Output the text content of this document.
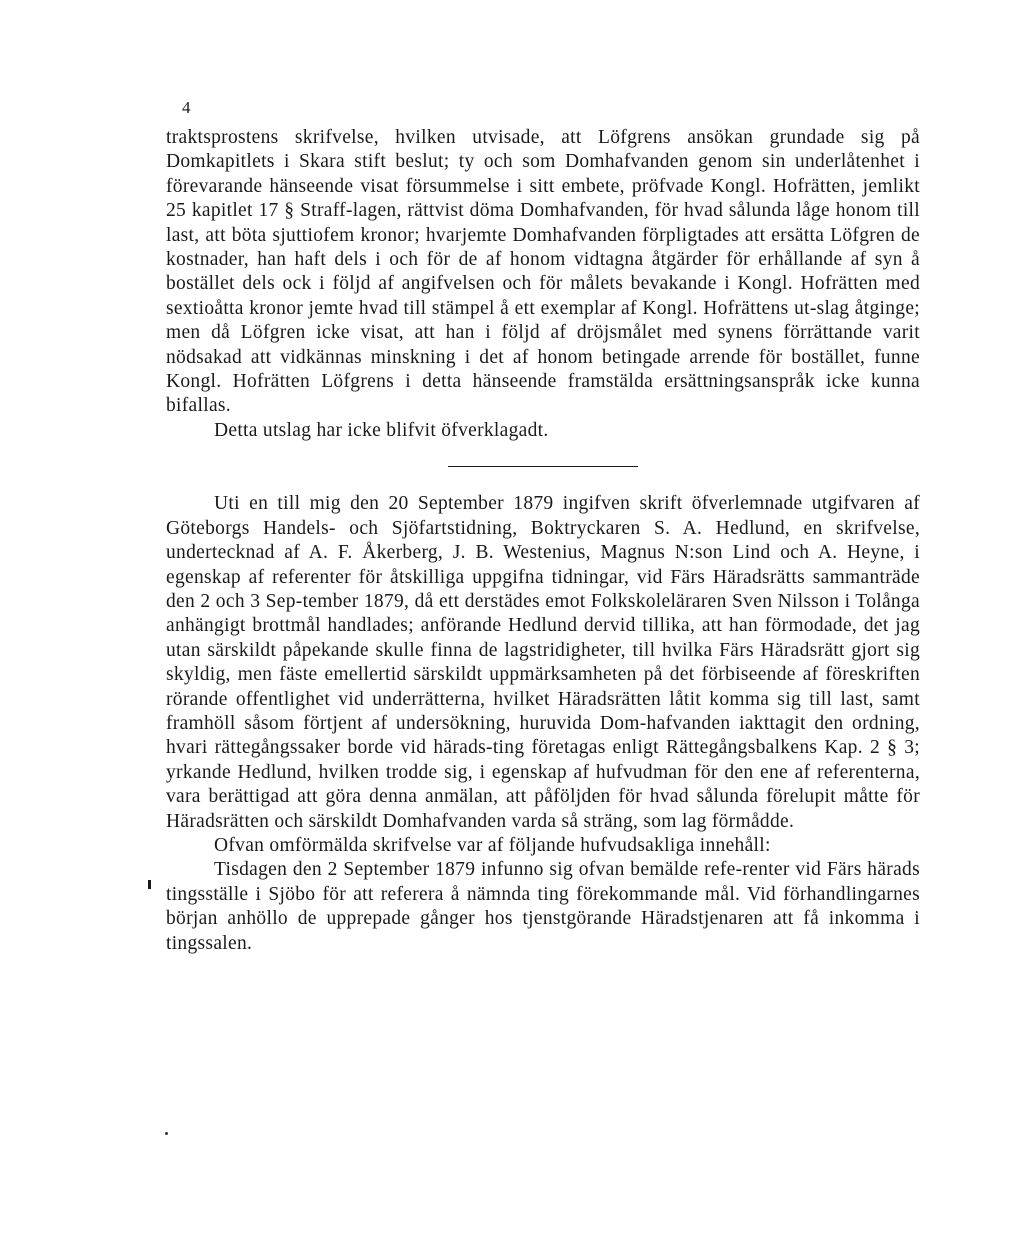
4

traktsprostens skrifvelse, hvilken utvisade, att Löfgrens ansökan grundade sig på Domkapitlets i Skara stift beslut; ty och som Domhafvanden genom sin underlåtenhet i förevarande hänseende visat försummelse i sitt embete, pröfvade Kongl. Hofrätten, jemlikt 25 kapitlet 17 § Straff-lagen, rättvist döma Domhafvanden, för hvad sålunda låge honom till last, att böta sjuttiofem kronor; hvarjemte Domhafvanden förpligtades att ersätta Löfgren de kostnader, han haft dels i och för de af honom vidtagna åtgärder för erhållande af syn å bostället dels ock i följd af angifvelsen och för målets bevakande i Kongl. Hofrätten med sextioåtta kronor jemte hvad till stämpel å ett exemplar af Kongl. Hofrättens ut-slag åtginge; men då Löfgren icke visat, att han i följd af dröjsmålet med synens förrättande varit nödsakad att vidkännas minskning i det af honom betingade arrende för bostället, funne Kongl. Hofrätten Löfgrens i detta hänseende framstälda ersättningsanspråk icke kunna bifallas.

Detta utslag har icke blifvit öfverklagadt.

Uti en till mig den 20 September 1879 ingifven skrift öfverlemnade utgifvaren af Göteborgs Handels- och Sjöfartstidning, Boktryckaren S. A. Hedlund, en skrifvelse, undertecknad af A. F. Åkerberg, J. B. Westenius, Magnus N:son Lind och A. Heyne, i egenskap af referenter för åtskilliga uppgifna tidningar, vid Färs Häradsrätts sammanträde den 2 och 3 Sep-tember 1879, då ett derstädes emot Folkskoleläraren Sven Nilsson i Tolånga anhängigt brottmål handlades; anförande Hedlund dervid tillika, att han förmodade, det jag utan särskildt påpekande skulle finna de lagstridigheter, till hvilka Färs Häradsrätt gjort sig skyldig, men fäste emellertid särskildt uppmärksamheten på det förbiseende af föreskriften rörande offentlighet vid underrätterna, hvilket Häradsrätten låtit komma sig till last, samt framhöll såsom förtjent af undersökning, huruvida Dom-hafvanden iakttagit den ordning, hvari rättegångssaker borde vid härads-ting företagas enligt Rättegångsbalkens Kap. 2 § 3; yrkande Hedlund, hvilken trodde sig, i egenskap af hufvudman för den ene af referenterna, vara berättigad att göra denna anmälan, att påföljden för hvad sålunda förelupit måtte för Häradsrätten och särskildt Domhafvanden varda så sträng, som lag förmådde.

Ofvan omförmälda skrifvelse var af följande hufvudsakliga innehåll:

Tisdagen den 2 September 1879 infunno sig ofvan bemälde refe-renter vid Färs härads tingsställe i Sjöbo för att referera å nämnda ting förekommande mål. Vid förhandlingarnes början anhöllo de upprepade gånger hos tjenstgörande Häradstjenaren att få inkomma i tingssalen.
